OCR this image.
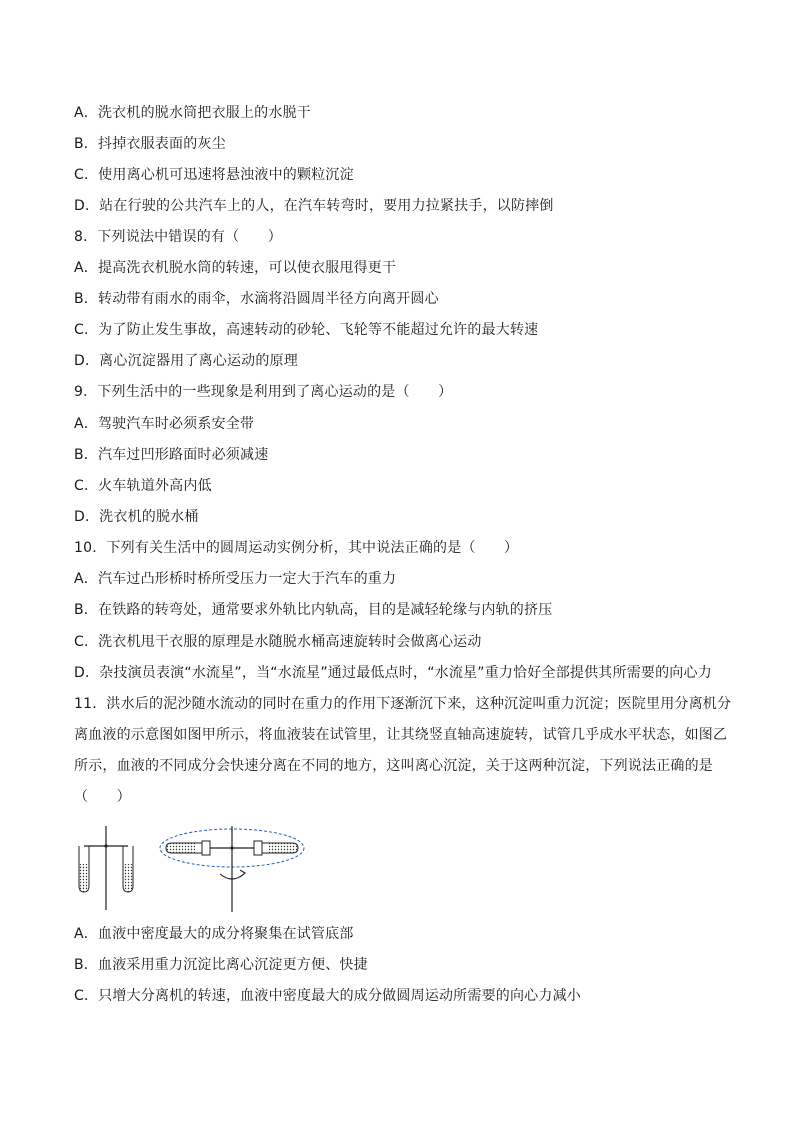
A．洗衣机的脱水筒把衣服上的水脱干
B．抖掉衣服表面的灰尘
C．使用离心机可迅速将悬浊液中的颗粒沉淀
D．站在行驶的公共汽车上的人，在汽车转弯时，要用力拉紧扶手，以防摔倒
8．下列说法中错误的有（　　）
A．提高洗衣机脱水筒的转速，可以使衣服甩得更干
B．转动带有雨水的雨伞，水滴将沿圆周半径方向离开圆心
C．为了防止发生事故，高速转动的砂轮、飞轮等不能超过允许的最大转速
D．离心沉淀器用了离心运动的原理
9．下列生活中的一些现象是利用到了离心运动的是（　　）
A．驾驶汽车时必须系安全带
B．汽车过凹形路面时必须减速
C．火车轨道外高内低
D．洗衣机的脱水桶
10．下列有关生活中的圆周运动实例分析，其中说法正确的是（　　）
A．汽车过凸形桥时桥所受压力一定大于汽车的重力
B．在铁路的转弯处，通常要求外轨比内轨高，目的是减轻轮缘与内轨的挤压
C．洗衣机甩干衣服的原理是水随脱水桶高速旋转时会做离心运动
D．杂技演员表演“水流星”，当“水流星”通过最低点时，“水流星”重力恰好全部提供其所需要的向心力
11．洪水后的泥沙随水流动的同时在重力的作用下逐渐沉下来，这种沉淀叫重力沉淀；医院里用分离机分
离血液的示意图如图甲所示，将血液装在试管里，让其绕竖直轴高速旋转，试管几乎成水平状态，如图乙
所示，血液的不同成分会快速分离在不同的地方，这叫离心沉淀，关于这两种沉淀，下列说法正确的是
（　　）
A．血液中密度最大的成分将聚集在试管底部
B．血液采用重力沉淀比离心沉淀更方便、快捷
C．只增大分离机的转速，血液中密度最大的成分做圆周运动所需要的向心力减小
